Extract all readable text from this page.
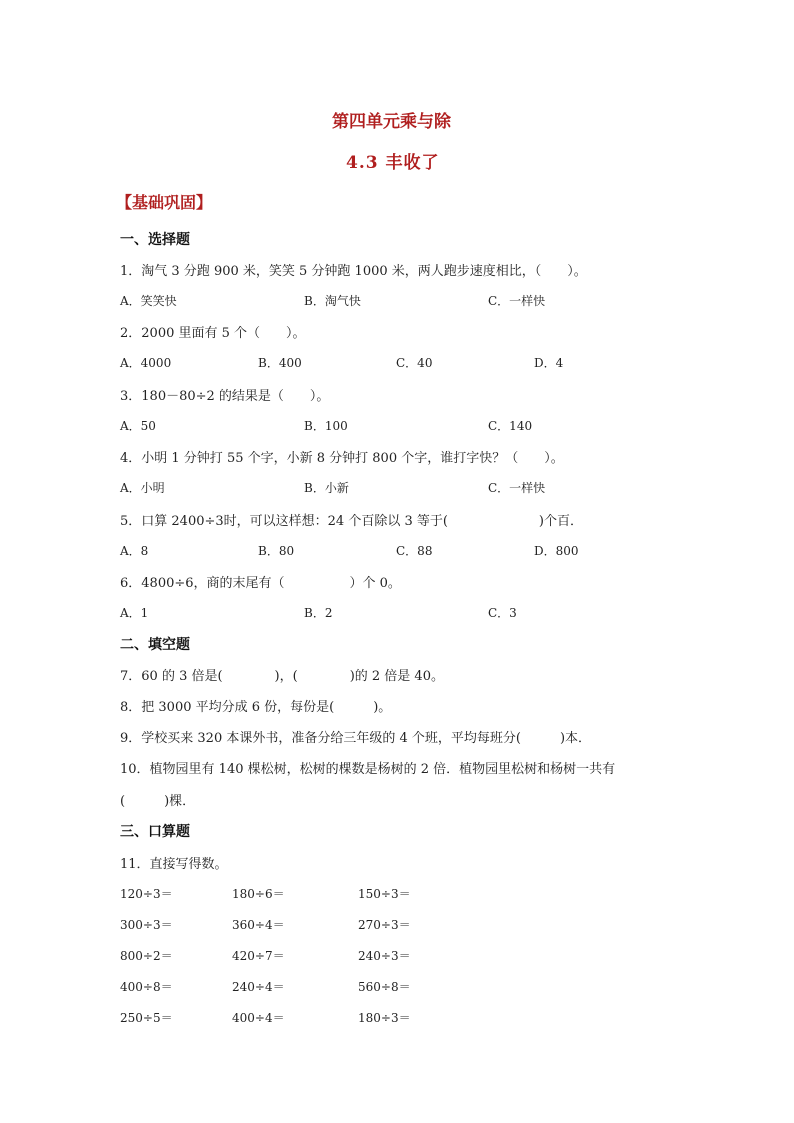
第四单元乘与除
4.3 丰收了
【基础巩固】
一、选择题
1．淘气 3 分跑 900 米，笑笑 5 分钟跑 1000 米，两人跑步速度相比，（　　）。
A．笑笑快	B．淘气快	C．一样快
2．2000 里面有 5 个（　　）。
A．4000	B．400	C．40	D．4
3．180－80÷2 的结果是（　　）。
A．50	B．100	C．140
4．小明 1 分钟打 55 个字，小新 8 分钟打 800 个字，谁打字快？（　　）。
A．小明	B．小新	C．一样快
5．口算 2400÷3时，可以这样想：24 个百除以 3 等于(　　　　　　　)个百．
A．8	B．80	C．88	D．800
6．4800÷6，商的末尾有（　　　　　）个 0。
A．1	B．2	C．3
二、填空题
7．60 的 3 倍是(　　　　)，(　　　　)的 2 倍是 40。
8．把 3000 平均分成 6 份，每份是(　　　)。
9．学校买来 320 本课外书，准备分给三年级的 4 个班，平均每班分(　　　)本．
10．植物园里有 140 棵松树，松树的棵数是杨树的 2 倍．植物园里松树和杨树一共有
(　　　)棵．
三、口算题
11．直接写得数。
120÷3＝	180÷6＝	150÷3＝
300÷3＝	360÷4＝	270÷3＝
800÷2＝	420÷7＝	240÷3＝
400÷8＝	240÷4＝	560÷8＝
250÷5＝	400÷4＝	180÷3＝
